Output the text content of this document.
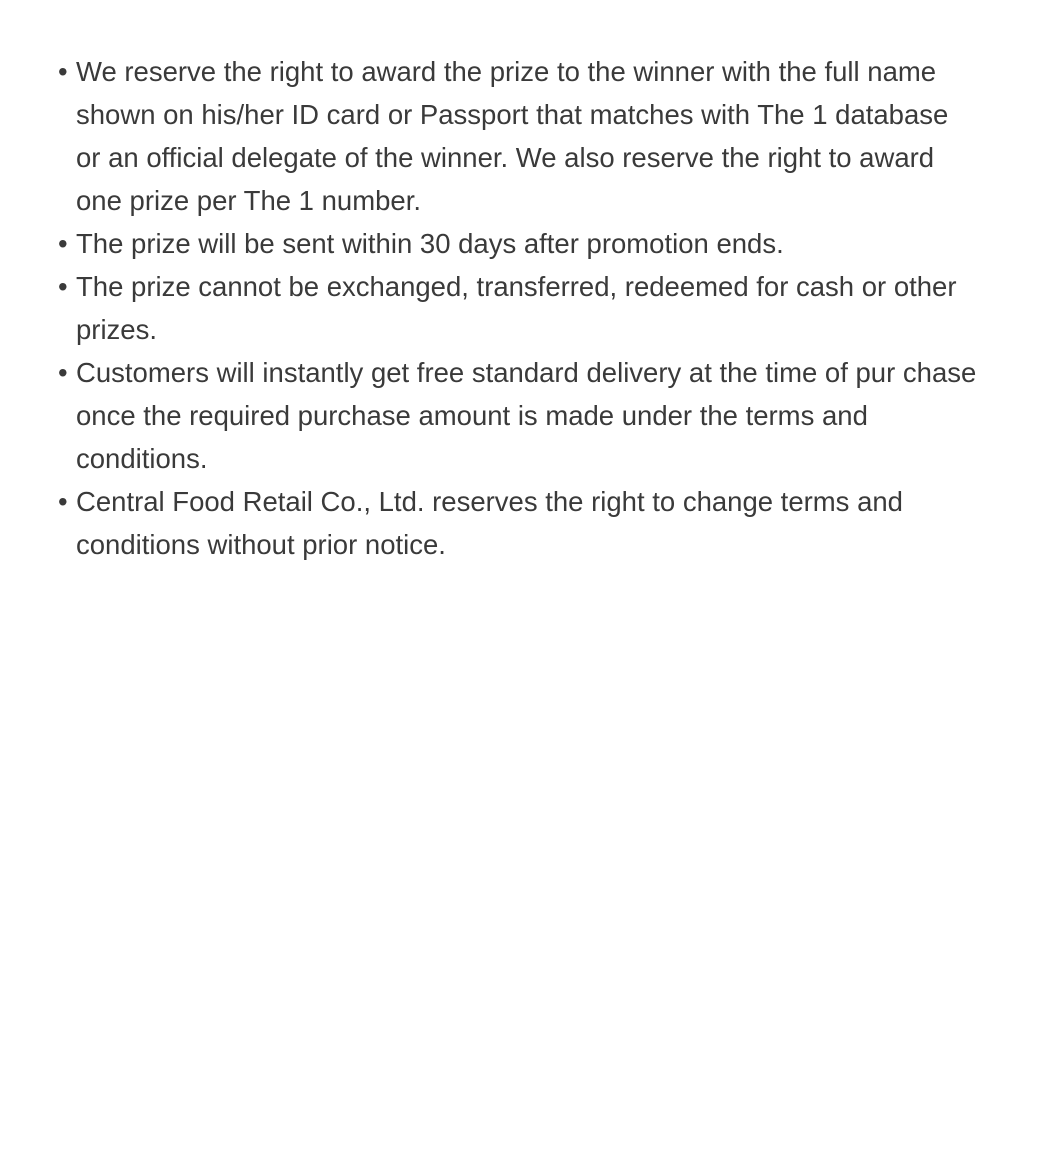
• We reserve the right to award the prize to the winner with the full name shown on his/her ID card or Passport that matches with The 1 database or an official delegate of the winner. We also reserve the right to award one prize per The 1 number.
• The prize will be sent within 30 days after promotion ends.
• The prize cannot be exchanged, transferred, redeemed for cash or other prizes.
• Customers will instantly get free standard delivery at the time of pur chase once the required purchase amount is made under the terms and conditions.
• Central Food Retail Co., Ltd. reserves the right to change terms and conditions without prior notice.
